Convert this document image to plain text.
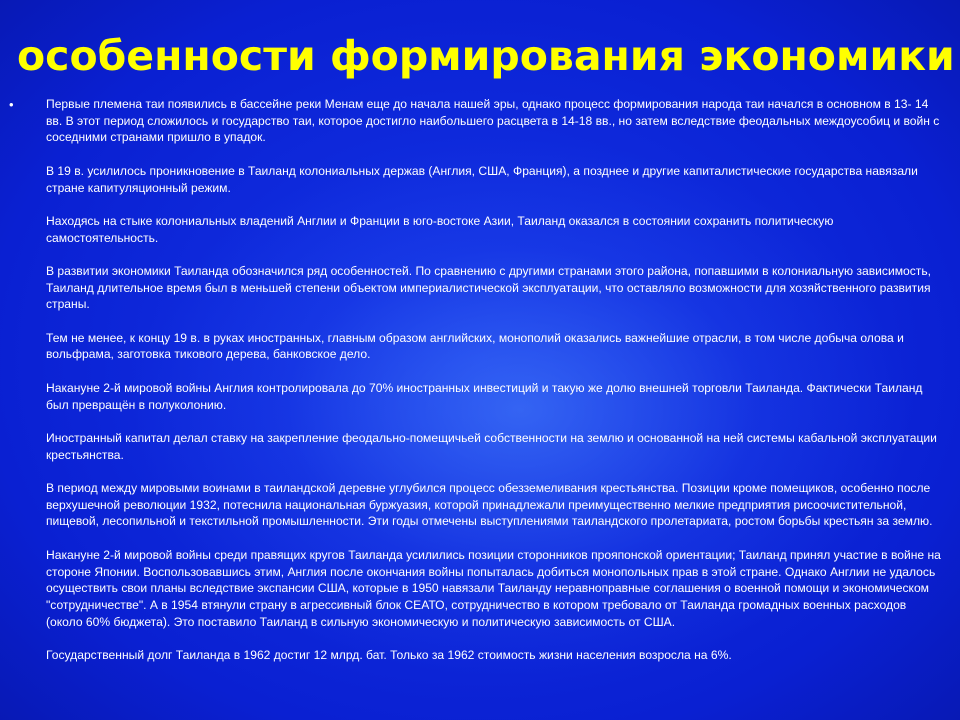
особенности формирования экономики
•	Первые племена таи появились в бассейне реки Менам еще до начала нашей эры, однако процесс формирования народа таи начался в основном в 13- 14 вв. В этот период сложилось и государство таи, которое достигло наибольшего расцвета в 14-18 вв., но затем вследствие феодальных междоусобиц и войн с соседними странами пришло в упадок.

В 19 в. усилилось проникновение в Таиланд колониальных держав (Англия, США, Франция), а позднее и другие капиталистические государства навязали стране капитуляционный режим.

Находясь на стыке колониальных владений Англии и Франции в юго-востоке Азии, Таиланд оказался в состоянии сохранить политическую самостоятельность.

В развитии экономики Таиланда обозначился ряд особенностей. По сравнению с другими странами этого района, попавшими в колониальную зависимость, Таиланд длительное время был в меньшей степени объектом империалистической эксплуатации, что оставляло возможности для хозяйственного развития страны.

Тем не менее, к концу 19 в. в руках иностранных, главным образом английских, монополий оказались важнейшие отрасли, в том числе добыча олова и вольфрама, заготовка тикового дерева, банковское дело.

Накануне 2-й мировой войны Англия контролировала до 70% иностранных инвестиций и такую же долю внешней торговли Таиланда. Фактически Таиланд был превращён в полуколонию.

Иностранный капитал делал ставку на закрепление феодально-помещичьей собственности на землю и основанной на ней системы кабальной эксплуатации крестьянства.

В период между мировыми воинами в таиландской деревне углубился процесс обезземеливания крестьянства. Позиции кроме помещиков, особенно после верхушечной революции 1932, потеснила национальная буржуазия, которой принадлежали преимущественно мелкие предприятия рисоочистительной, пищевой, лесопильной и текстильной промышленности. Эти годы отмечены выступлениями таиландского пролетариата, ростом борьбы крестьян за землю.

Накануне 2-й мировой войны среди правящих кругов Таиланда усилились позиции сторонников прояпонской ориентации; Таиланд принял участие в войне на стороне Японии. Воспользовавшись этим, Англия после окончания войны попыталась добиться монопольных прав в этой стране. Однако Англии не удалось осуществить свои планы вследствие экспансии США, которые в 1950 навязали Таиланду неравноправные соглашения о военной помощи и экономическом "сотрудничестве". А в 1954 втянули страну в агрессивный блок СЕАТО, сотрудничество в котором требовало от Таиланда громадных военных расходов (около 60% бюджета). Это поставило Таиланд в сильную экономическую и политическую зависимость от США.

Государственный долг Таиланда в 1962 достиг 12 млрд. бат. Только за 1962 стоимость жизни населения возросла на 6%.
